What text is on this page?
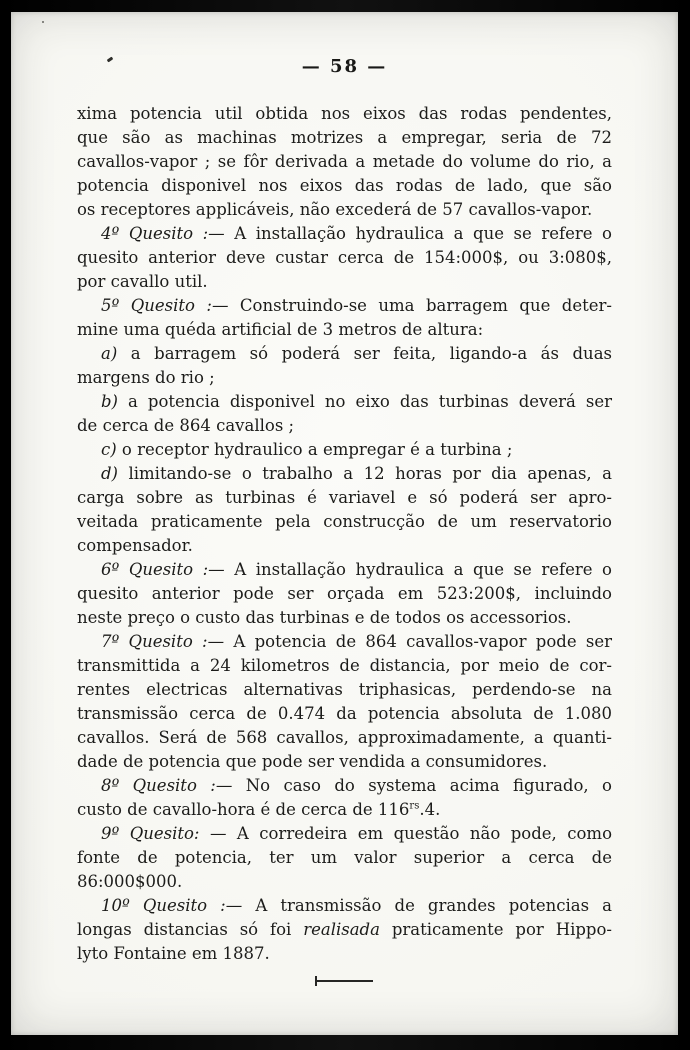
— 58 —
xima potencia util obtida nos eixos das rodas pendentes,
que são as machinas motrizes a empregar, seria de 72
cavallos-vapor ; se fôr derivada a metade do volume do rio, a
potencia disponivel nos eixos das rodas de lado, que são
os receptores applicáveis, não excederá de 57 cavallos-vapor.
4º Quesito :— A installação hydraulica a que se refere o
quesito anterior deve custar cerca de 154:000$, ou 3:080$,
por cavallo util.
5º Quesito :— Construindo-se uma barragem que deter-
mine uma quéda artificial de 3 metros de altura:
a) a barragem só poderá ser feita, ligando-a ás duas
margens do rio ;
b) a potencia disponivel no eixo das turbinas deverá ser
de cerca de 864 cavallos ;
c) o receptor hydraulico a empregar é a turbina ;
d) limitando-se o trabalho a 12 horas por dia apenas, a
carga sobre as turbinas é variavel e só poderá ser apro-
veitada praticamente pela construcção de um reservatorio
compensador.
6º Quesito :— A installação hydraulica a que se refere o
quesito anterior pode ser orçada em 523:200$, incluindo
neste preço o custo das turbinas e de todos os accessorios.
7º Quesito :— A potencia de 864 cavallos-vapor pode ser
transmittida a 24 kilometros de distancia, por meio de cor-
rentes electricas alternativas triphasicas, perdendo-se na
transmissão cerca de 0.474 da potencia absoluta de 1.080
cavallos. Será de 568 cavallos, approximadamente, a quanti-
dade de potencia que pode ser vendida a consumidores.
8º Quesito :— No caso do systema acima figurado, o
custo de cavallo-hora é de cerca de $116^{rs}.4$.
9º Quesito: — A corredeira em questão não pode, como
fonte de potencia, ter um valor superior a cerca de
86:000$000.
10º Quesito :— A transmissão de grandes potencias a
longas distancias só foi realisada praticamente por Hippo-
lyto Fontaine em 1887.
